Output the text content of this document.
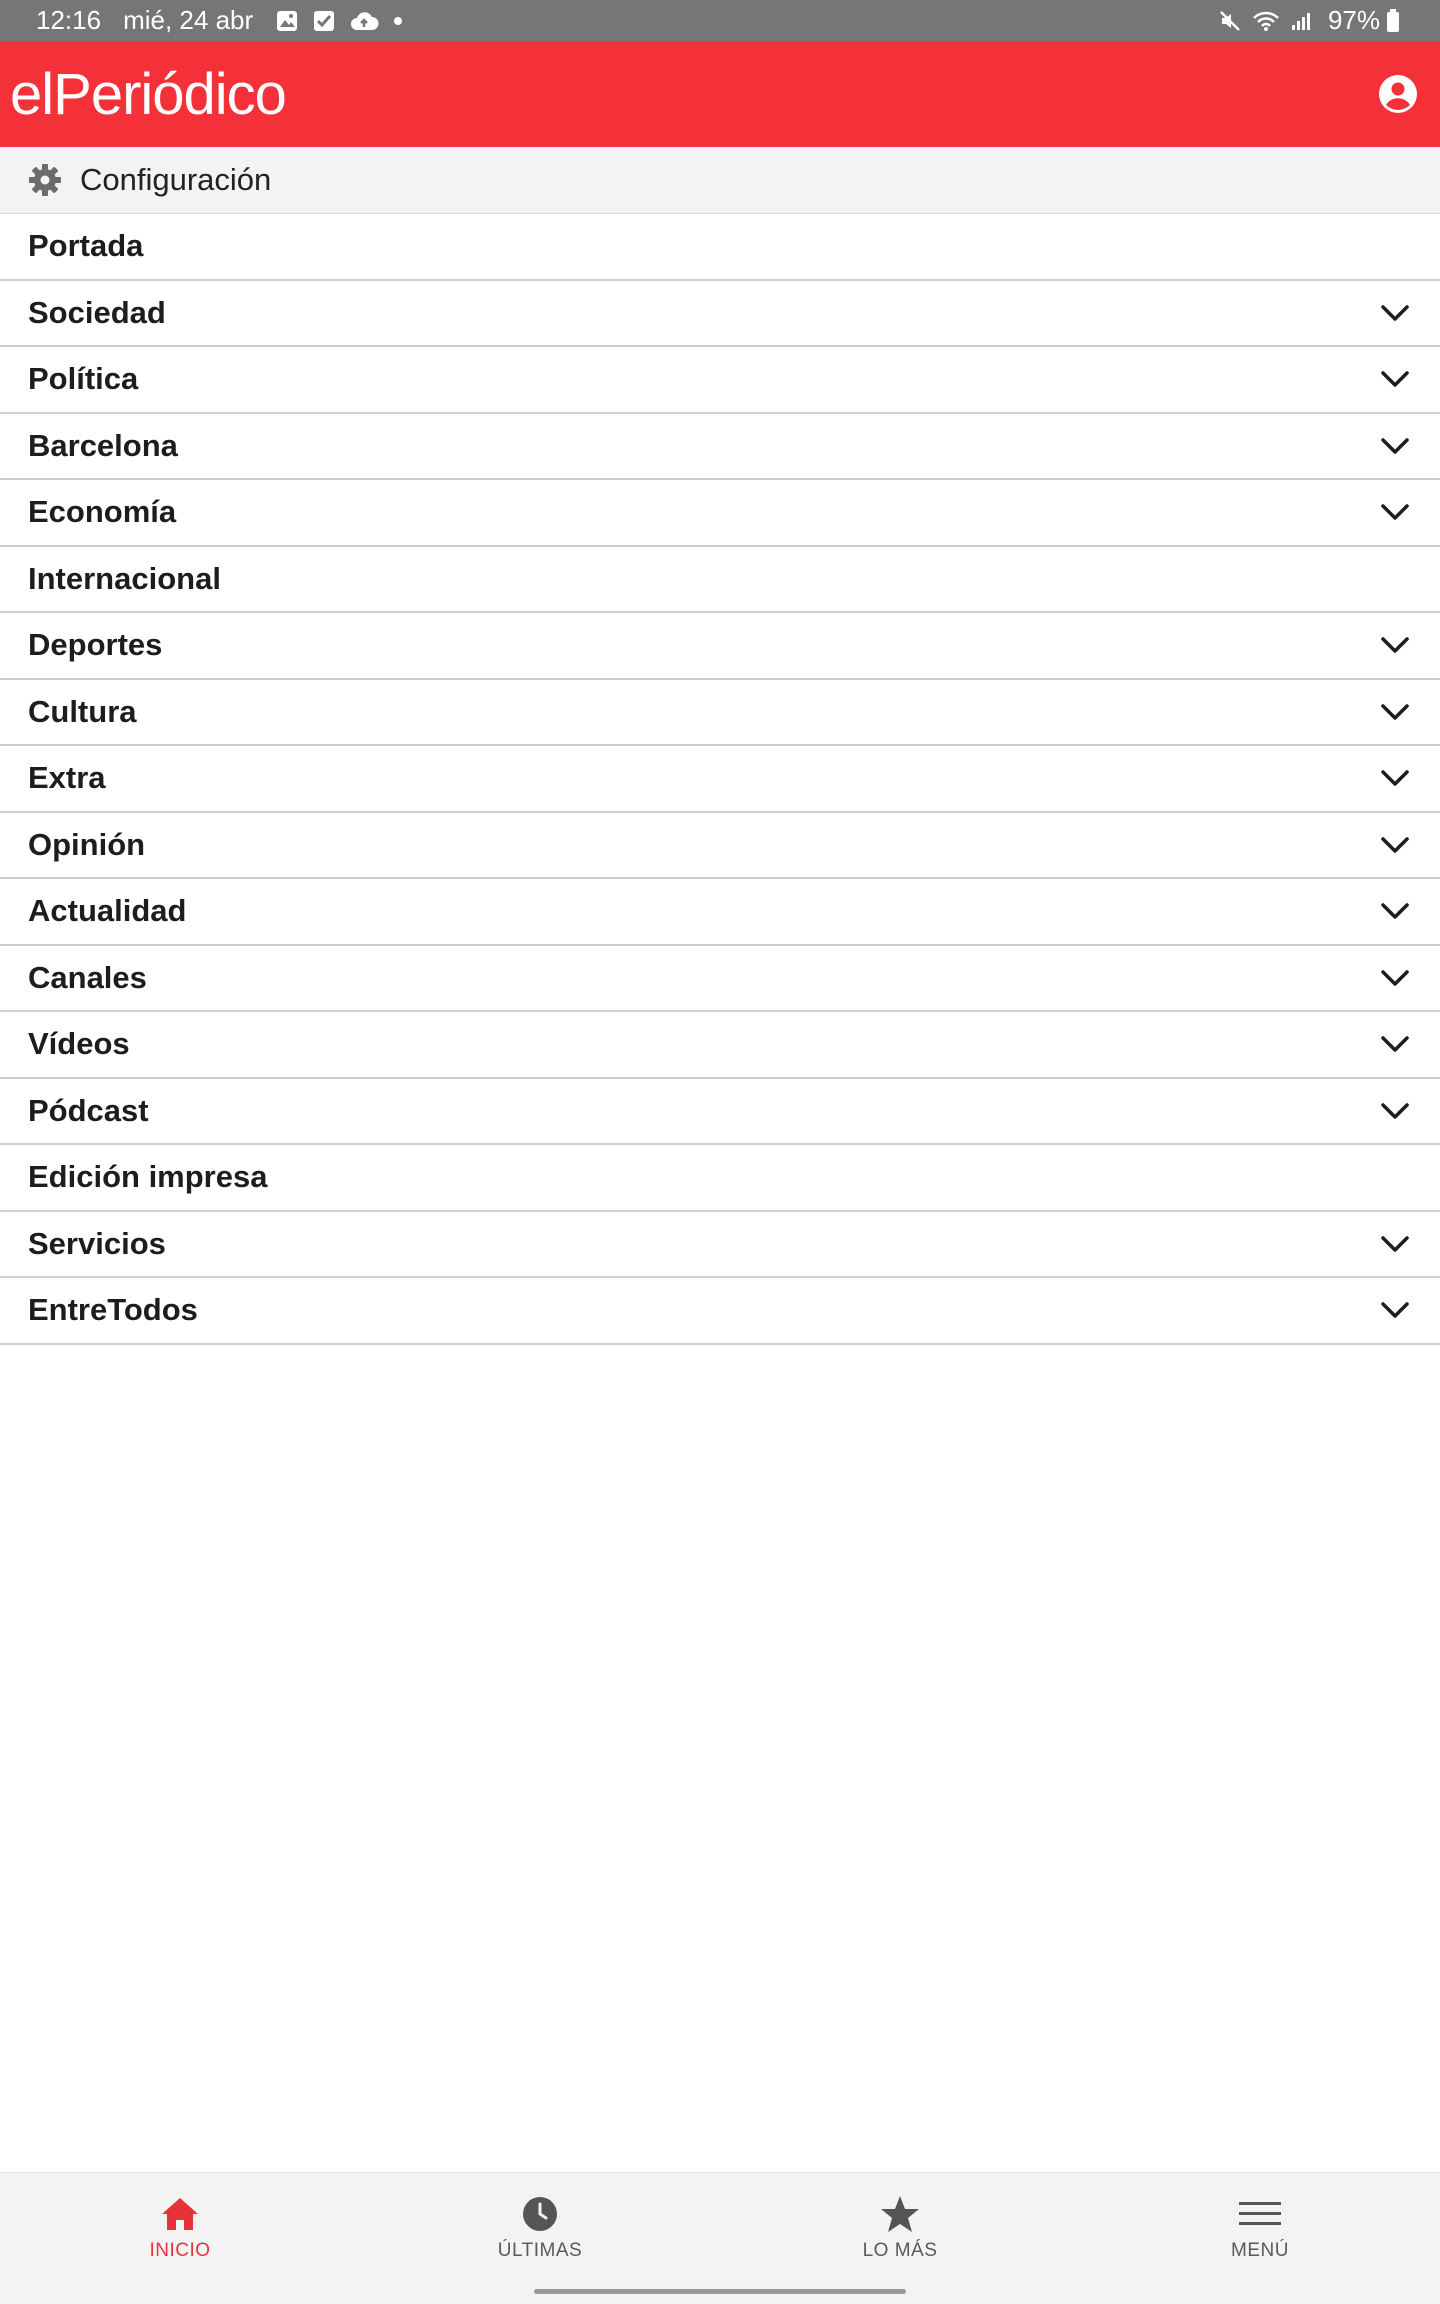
12:16 mié, 24 abr	97%
elPeriódico
Configuración
Portada
Sociedad
Política
Barcelona
Economía
Internacional
Deportes
Cultura
Extra
Opinión
Actualidad
Canales
Vídeos
Pódcast
Edición impresa
Servicios
EntreTodos
INICIO	ÚLTIMAS	LO MÁS	MENÚ
